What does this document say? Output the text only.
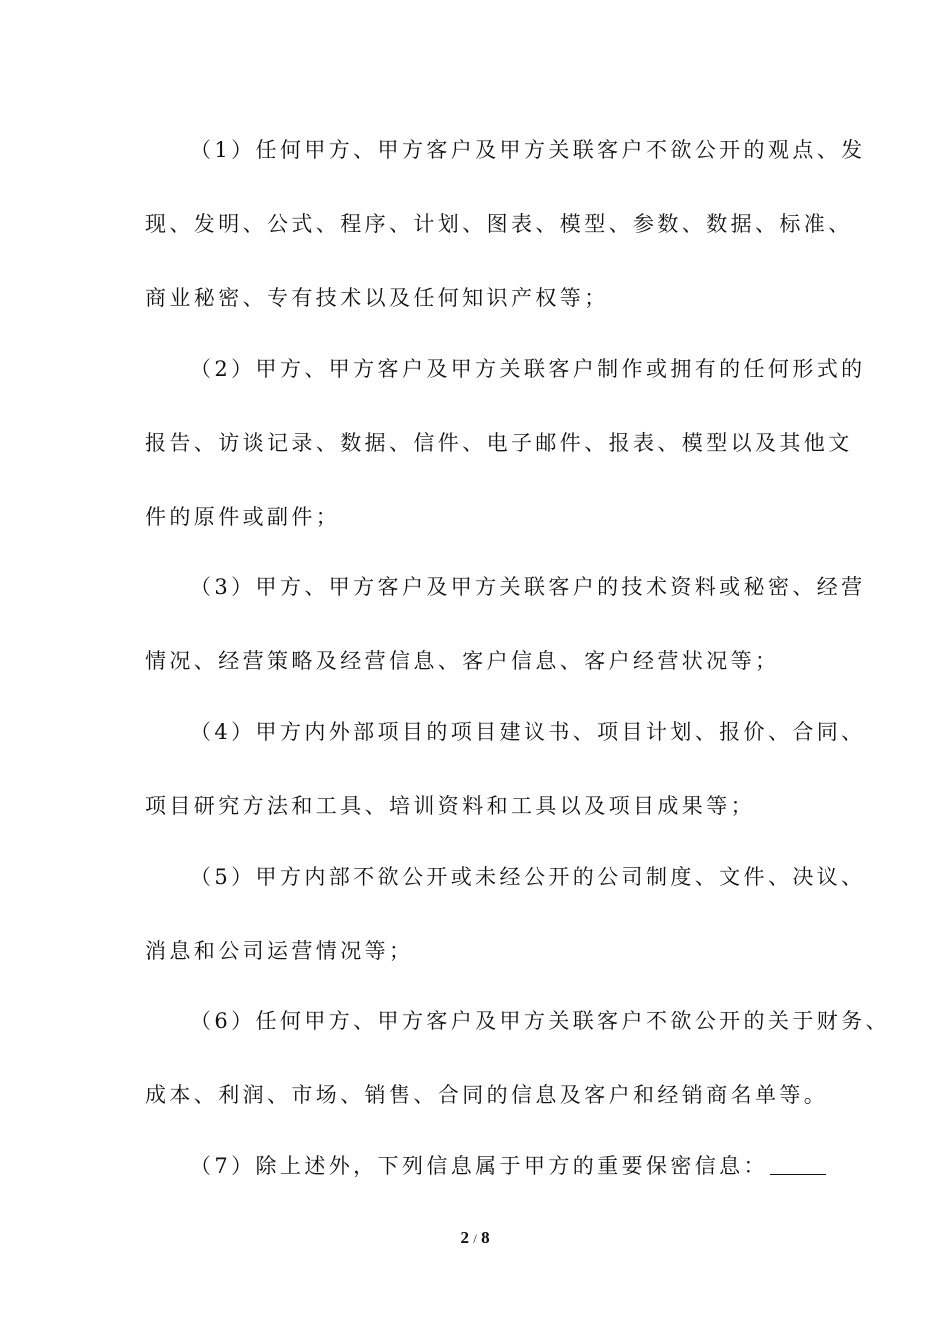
（1）任何甲方、甲方客户及甲方关联客户不欲公开的观点、发
现、发明、公式、程序、计划、图表、模型、参数、数据、标准、
商业秘密、专有技术以及任何知识产权等；
（2）甲方、甲方客户及甲方关联客户制作或拥有的任何形式的
报告、访谈记录、数据、信件、电子邮件、报表、模型以及其他文
件的原件或副件；
（3）甲方、甲方客户及甲方关联客户的技术资料或秘密、经营
情况、经营策略及经营信息、客户信息、客户经营状况等；
（4）甲方内外部项目的项目建议书、项目计划、报价、合同、
项目研究方法和工具、培训资料和工具以及项目成果等；
（5）甲方内部不欲公开或未经公开的公司制度、文件、决议、
消息和公司运营情况等；
（6）任何甲方、甲方客户及甲方关联客户不欲公开的关于财务、
成本、利润、市场、销售、合同的信息及客户和经销商名单等。
（7）除上述外，下列信息属于甲方的重要保密信息：
2 / 8
